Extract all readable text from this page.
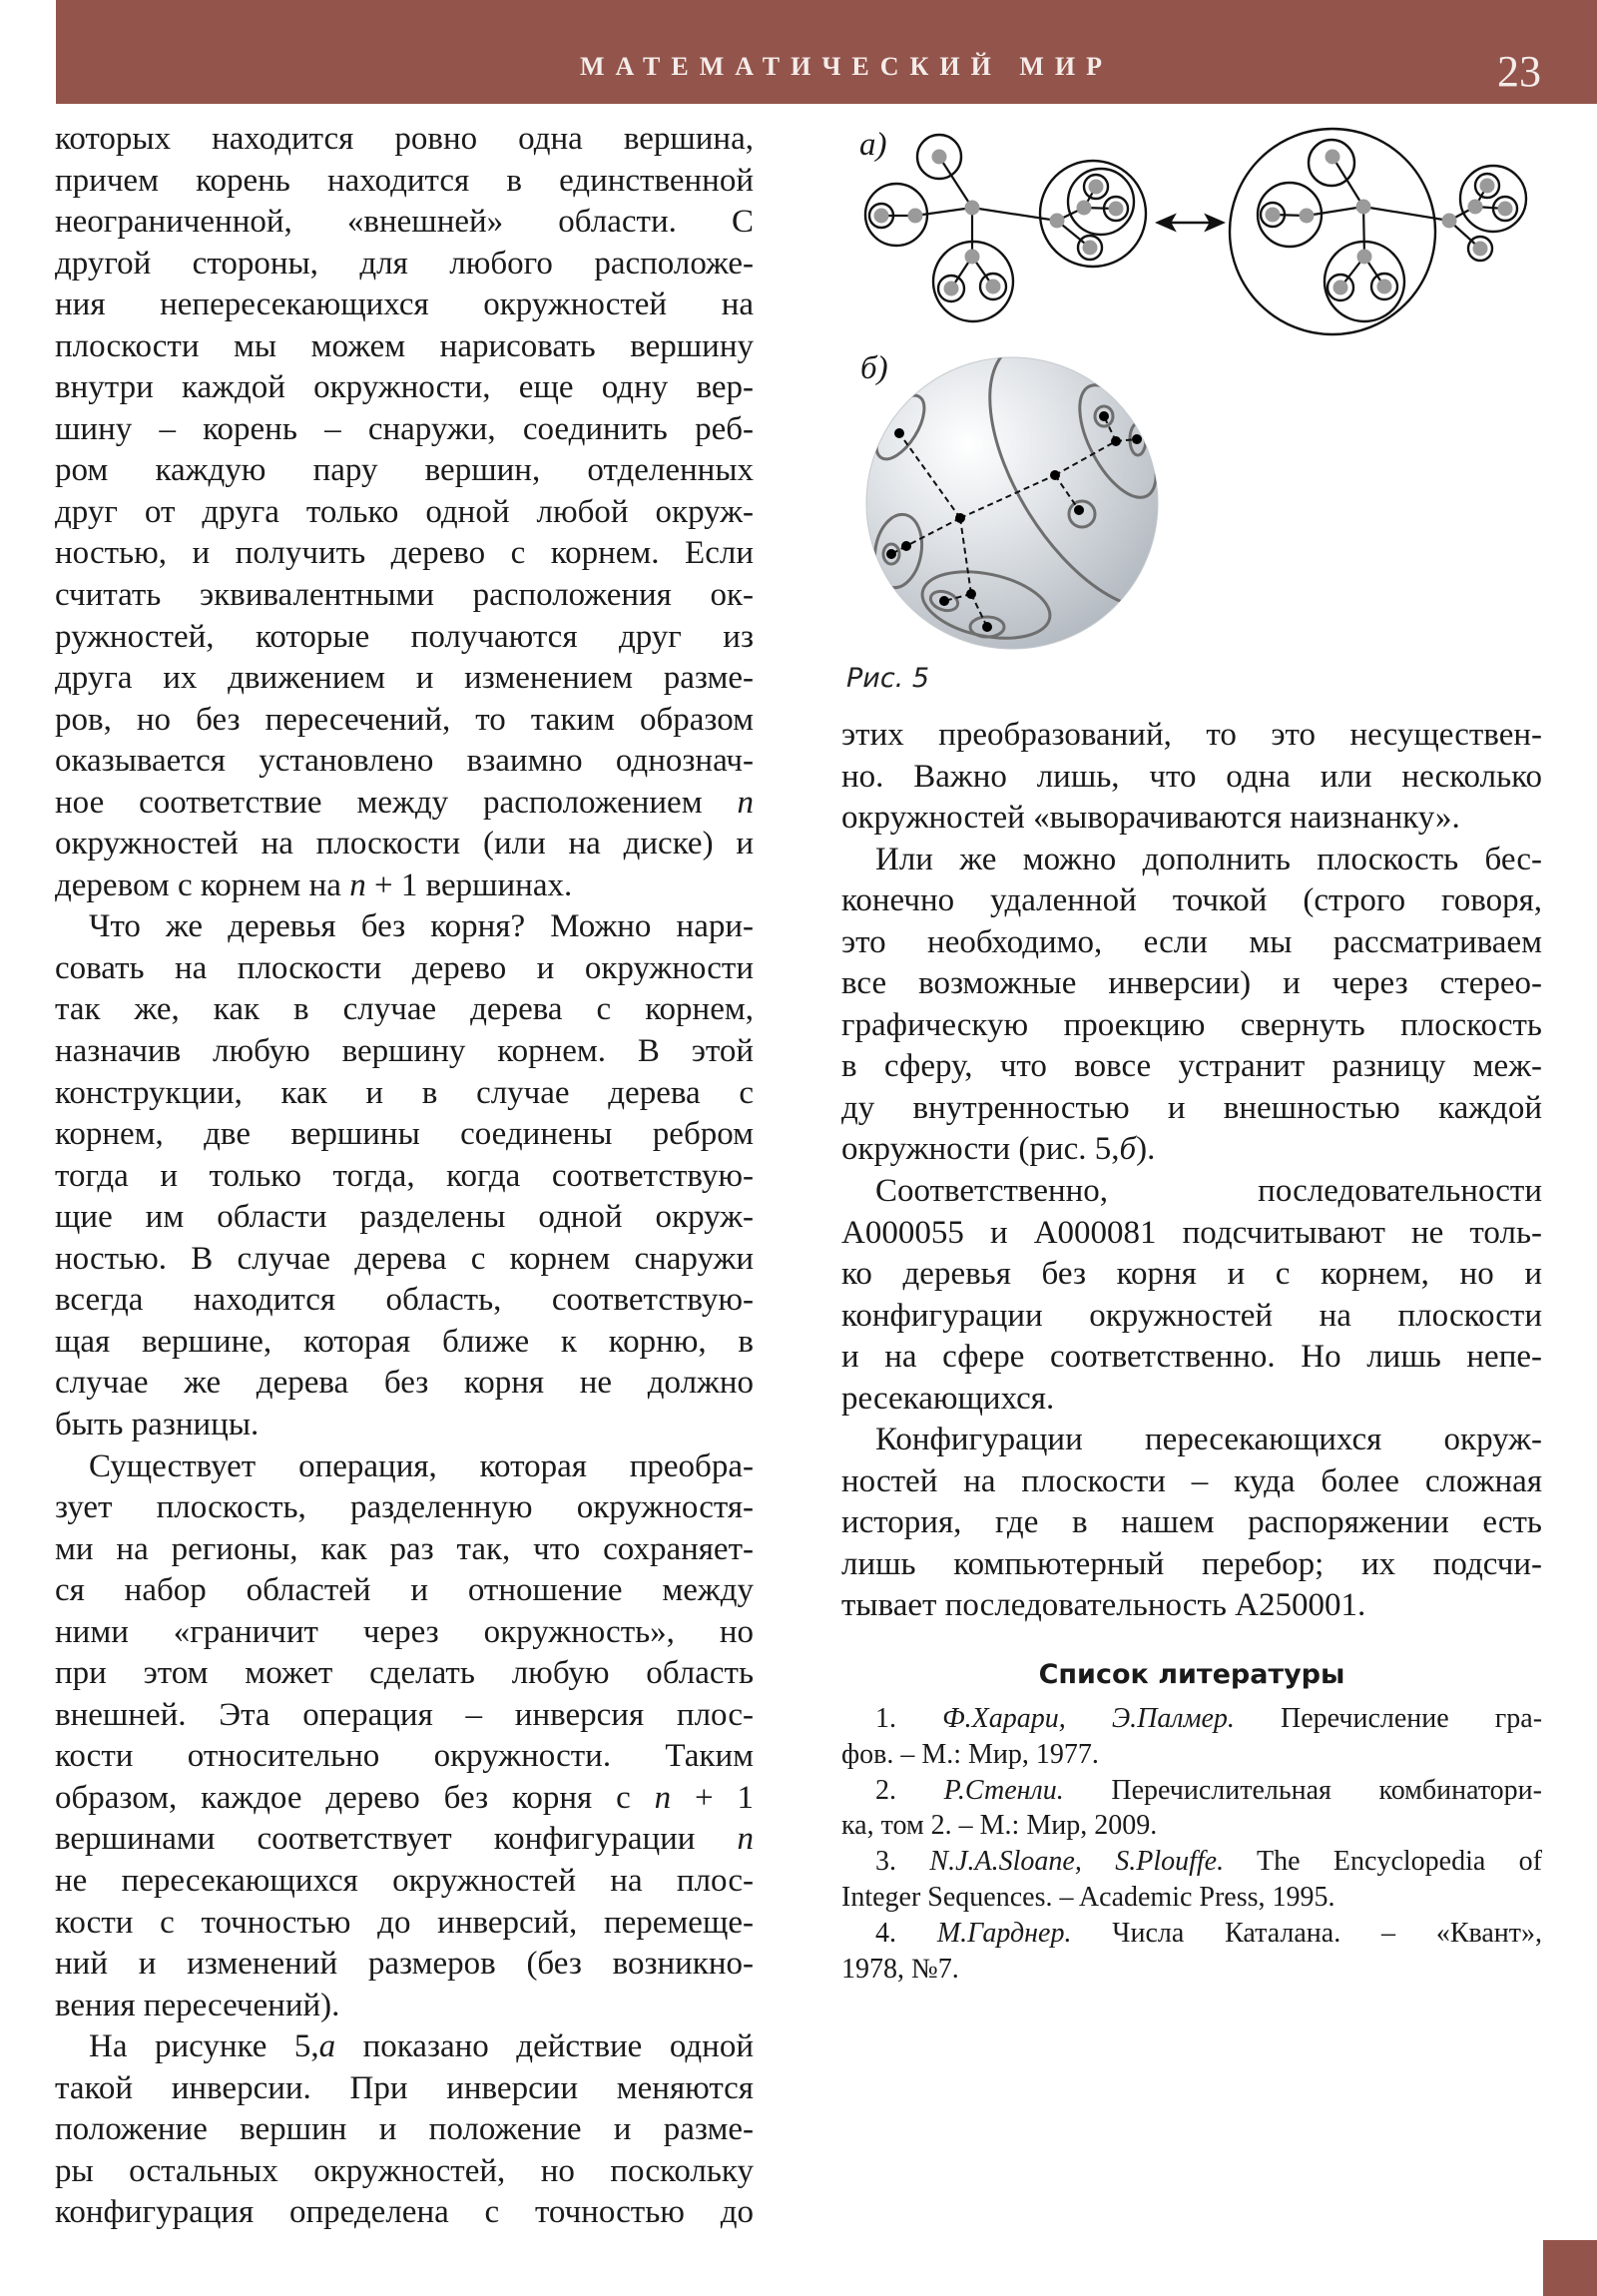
МАТЕМАТИЧЕСКИЙ МИР	23
а)
б)
Рис. 5
которых находится ровно одна вершина,
причем корень находится в единственной
неограниченной, «внешней» области. С
другой стороны, для любого расположе-
ния непересекающихся окружностей на
плоскости мы можем нарисовать вершину
внутри каждой окружности, еще одну вер-
шину – корень – снаружи, соединить реб-
ром каждую пару вершин, отделенных
друг от друга только одной любой окруж-
ностью, и получить дерево с корнем. Если
считать эквивалентными расположения ок-
ружностей, которые получаются друг из
друга их движением и изменением разме-
ров, но без пересечений, то таким образом
оказывается установлено взаимно однознач-
ное соответствие между расположением n
окружностей на плоскости (или на диске) и
деревом с корнем на n + 1 вершинах.
Что же деревья без корня? Можно нари-
совать на плоскости дерево и окружности
так же, как в случае дерева с корнем,
назначив любую вершину корнем. В этой
конструкции, как и в случае дерева с
корнем, две вершины соединены ребром
тогда и только тогда, когда соответствую-
щие им области разделены одной окруж-
ностью. В случае дерева с корнем снаружи
всегда находится область, соответствую-
щая вершине, которая ближе к корню, в
случае же дерева без корня не должно
быть разницы.
Существует операция, которая преобра-
зует плоскость, разделенную окружностя-
ми на регионы, как раз так, что сохраняет-
ся набор областей и отношение между
ними «граничит через окружность», но
при этом может сделать любую область
внешней. Эта операция – инверсия плос-
кости относительно окружности. Таким
образом, каждое дерево без корня с n + 1
вершинами соответствует конфигурации n
не пересекающихся окружностей на плос-
кости с точностью до инверсий, перемеще-
ний и изменений размеров (без возникно-
вения пересечений).
На рисунке 5,а показано действие одной
такой инверсии. При инверсии меняются
положение вершин и положение и разме-
ры остальных окружностей, но поскольку
конфигурация определена с точностью до
этих преобразований, то это несуществен-
но. Важно лишь, что одна или несколько
окружностей «выворачиваются наизнанку».
Или же можно дополнить плоскость бес-
конечно удаленной точкой (строго говоря,
это необходимо, если мы рассматриваем
все возможные инверсии) и через стерео-
графическую проекцию свернуть плоскость
в сферу, что вовсе устранит разницу меж-
ду внутренностью и внешностью каждой
окружности (рис. 5,б).
Соответственно, последовательности
A000055 и A000081 подсчитывают не толь-
ко деревья без корня и с корнем, но и
конфигурации окружностей на плоскости
и на сфере соответственно. Но лишь непе-
ресекающихся.
Конфигурации пересекающихся окруж-
ностей на плоскости – куда более сложная
история, где в нашем распоряжении есть
лишь компьютерный перебор; их подсчи-
тывает последовательность A250001.
Список литературы
1. Ф.Харари, Э.Палмер. Перечисление гра-
фов. – М.: Мир, 1977.
2. Р.Стенли. Перечислительная комбинатори-
ка, том 2. – М.: Мир, 2009.
3. N.J.A.Sloane, S.Plouffe. The Encyclopedia of
Integer Sequences. – Academic Press, 1995.
4. М.Гарднер. Числа Каталана. – «Квант»,
1978, №7.
